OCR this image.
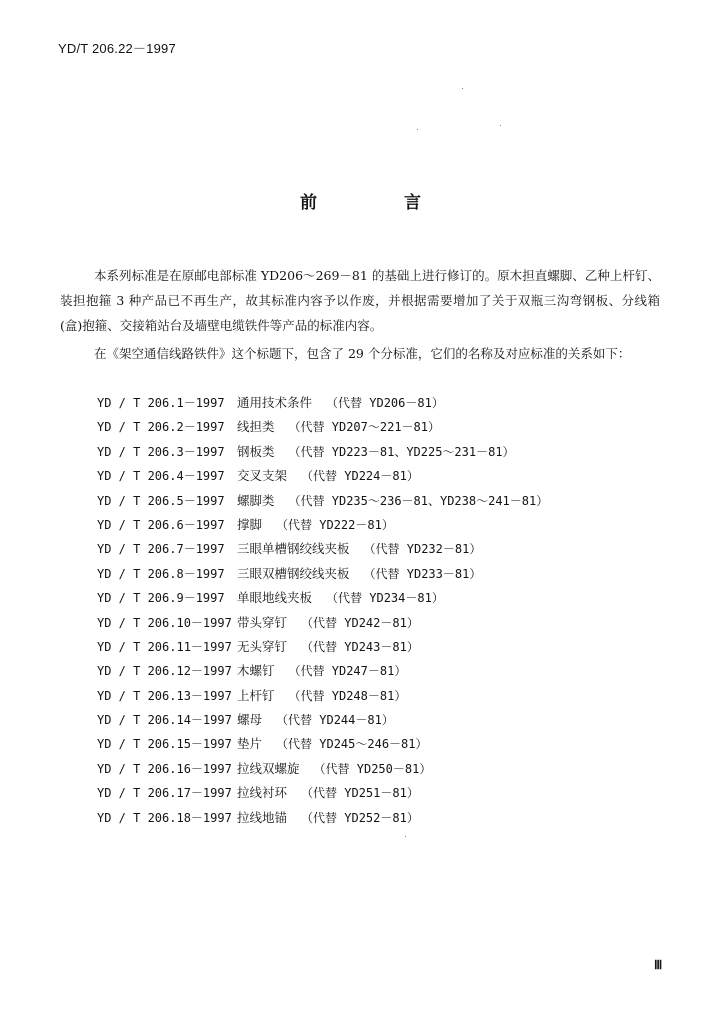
YD/T 206.22－1997
前	言
本系列标准是在原邮电部标准 YD206～269－81 的基础上进行修订的。原木担直螺脚、乙种上杆钉、装担抱箍 3 种产品已不再生产，故其标准内容予以作废，并根据需要增加了关于双瓶三沟弯钢板、分线箱(盒)抱箍、交接箱站台及墙壁电缆铁件等产品的标准内容。
在《架空通信线路铁件》这个标题下，包含了 29 个分标准，它们的名称及对应标准的关系如下：
YD / T 206.1－1997 通用技术条件 （代替 YD206－81）
YD / T 206.2－1997 线担类 （代替 YD207～221－81）
YD / T 206.3－1997 钢板类 （代替 YD223－81、YD225～231－81）
YD / T 206.4－1997 交叉支架 （代替 YD224－81）
YD / T 206.5－1997 螺脚类 （代替 YD235～236－81、YD238～241－81）
YD / T 206.6－1997 撑脚 （代替 YD222－81）
YD / T 206.7－1997 三眼单槽钢绞线夹板 （代替 YD232－81）
YD / T 206.8－1997 三眼双槽钢绞线夹板 （代替 YD233－81）
YD / T 206.9－1997 单眼地线夹板 （代替 YD234－81）
YD / T 206.10－1997 带头穿钉 （代替 YD242－81）
YD / T 206.11－1997 无头穿钉 （代替 YD243－81）
YD / T 206.12－1997 木螺钉 （代替 YD247－81）
YD / T 206.13－1997 上杆钉 （代替 YD248－81）
YD / T 206.14－1997 螺母 （代替 YD244－81）
YD / T 206.15－1997 垫片 （代替 YD245～246－81）
YD / T 206.16－1997 拉线双螺旋 （代替 YD250－81）
YD / T 206.17－1997 拉线衬环 （代替 YD251－81）
YD / T 206.18－1997 拉线地锚 （代替 YD252－81）
Ⅲ
